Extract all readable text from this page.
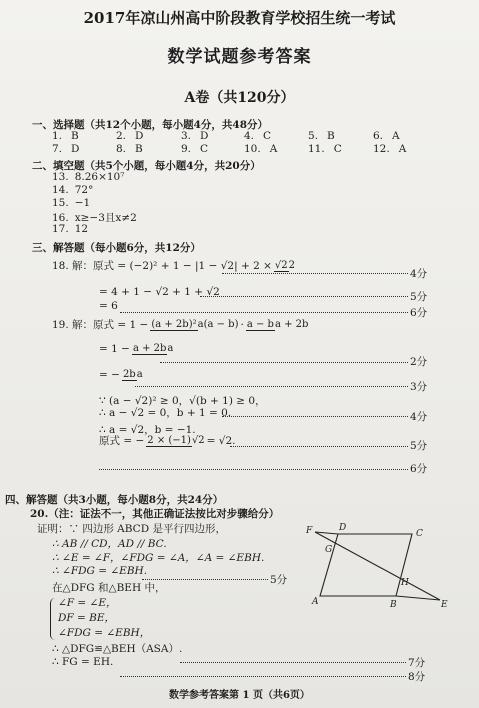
2017年凉山州高中阶段教育学校招生统一考试
数学试题参考答案
A卷（共120分）
一、选择题（共12个小题，每小题4分，共48分）
1. B	2. D	3. D	4. C	5. B	6. A
7. D	8. B	9. C	10. A	11. C	12. A
二、填空题（共5个小题，每小题4分，共20分）
13. 8.26×10⁷
14. 72°
15. −1
16. x≥−3且x≠2
17. 12
三、解答题（每小题6分，共12分）
18. 解：原式 = (−2)² + 1 − |1 − √2| + 2 × √22
4分
= 4 + 1 − √2 + 1 + √2	5分
= 6
6分
19. 解：原式 = 1 − (a + 2b)²a(a − b) · a − ba + 2b
= 1 − a + 2ba
2分
= − 2ba
3分
∵ (a − √2)² ≥ 0，√(b + 1) ≥ 0，
∴ a − √2 = 0，b + 1 = 0.	4分
∴ a = √2，b = −1.
原式 = − 2 × (−1)√2 = √2.	5分
6分
四、解答题（共3小题，每小题8分，共24分）
20.（注：证法不一，其他正确证法按比对步骤给分）
证明：∵ 四边形 ABCD 是平行四边形，
∴ AB // CD，AD // BC.
∴ ∠E = ∠F，∠FDG = ∠A，∠A = ∠EBH.
∴ ∠FDG = ∠EBH.
5分
在△DFG 和△BEH 中，
∠F = ∠E，
DF = BE，
∠FDG = ∠EBH，
∴ △DFG≌△BEH（ASA）.
∴ FG = EH.	7分
8分
F	D
C
G
H
A	B	E
数学参考答案第 1 页（共6页）
